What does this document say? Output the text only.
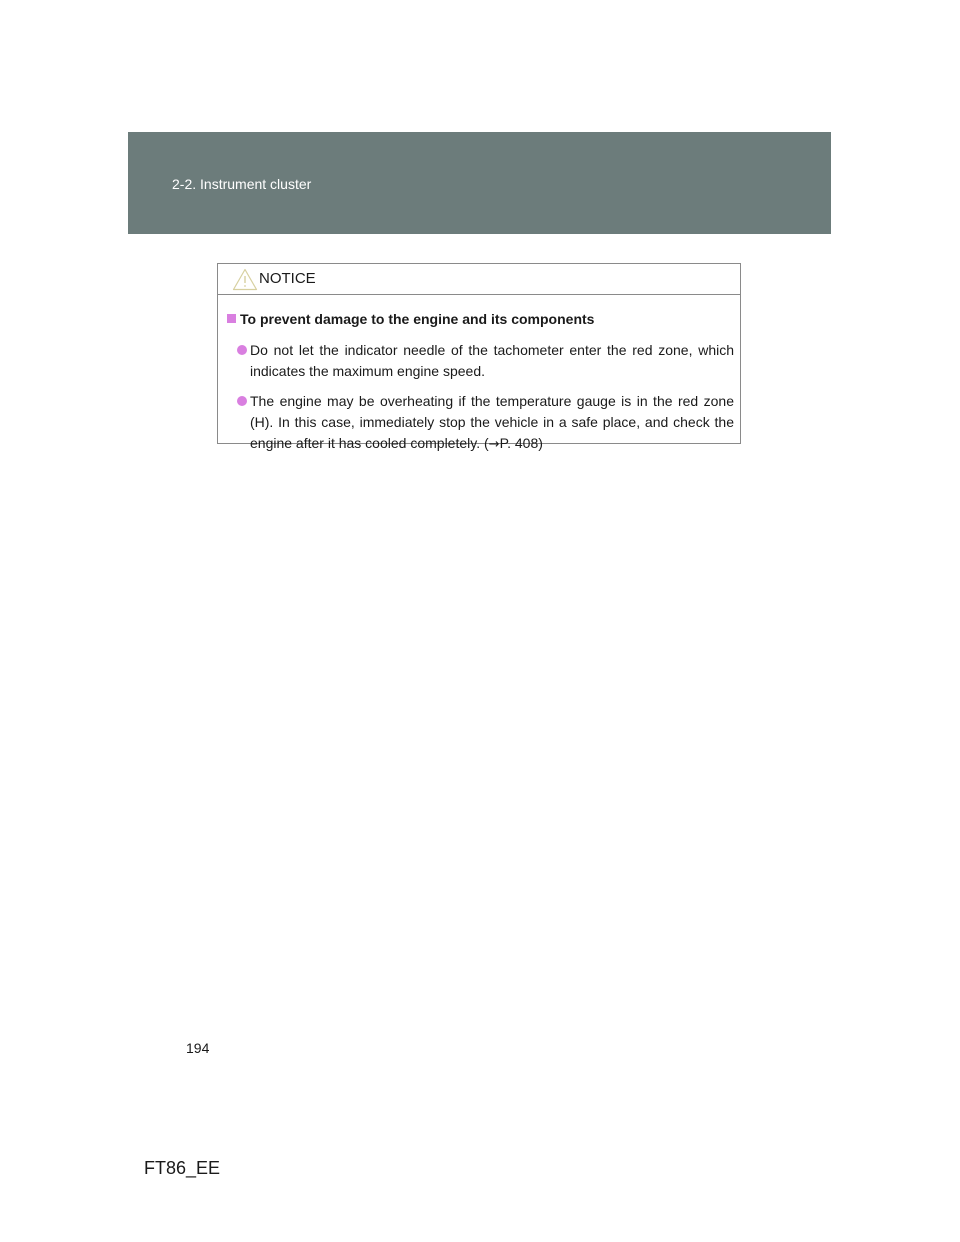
2-2. Instrument cluster
NOTICE
To prevent damage to the engine and its components
Do not let the indicator needle of the tachometer enter the red zone, which indicates the maximum engine speed.
The engine may be overheating if the temperature gauge is in the red zone (H). In this case, immediately stop the vehicle in a safe place, and check the engine after it has cooled completely. (→P. 408)
194
FT86_EE
